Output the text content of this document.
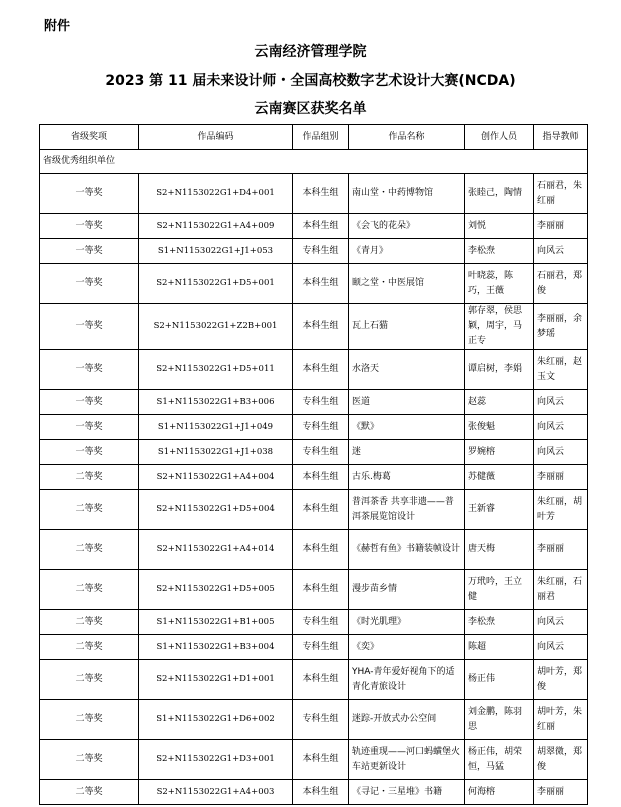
附件
云南经济管理学院
2023 第 11 届未来设计师・全国高校数字艺术设计大赛(NCDA)
云南赛区获奖名单
省级奖项	作品编码	作品组别	作品名称	创作人员	指导教师
省级优秀组织单位					
一等奖	S2+N1153022G1+D4+001	本科生组	南山堂・中药博物馆	张睦己，陶情	石丽君，朱红丽
一等奖	S2+N1153022G1+A4+009	本科生组	《会飞的花朵》	刘悦	李丽丽
一等奖	S1+N1153022G1+J1+053	专科生组	《青月》	李松焘	向风云
一等奖	S2+N1153022G1+D5+001	本科生组	颐之堂・中医展馆	叶晓蕊，陈巧，王薇	石丽君，郑俊
一等奖	S2+N1153022G1+Z2B+001	本科生组	瓦上石猫	郭存翠，侯思颖，周宇，马正专	李丽丽，余梦瑶
一等奖	S2+N1153022G1+D5+011	本科生组	水洛天	谭启树，李娟	朱红丽，赵玉文
一等奖	S1+N1153022G1+B3+006	专科生组	医道	赵蕊	向风云
一等奖	S1+N1153022G1+J1+049	专科生组	《默》	张俊魁	向风云
一等奖	S1+N1153022G1+J1+038	专科生组	迷	罗婉榕	向风云
二等奖	S2+N1153022G1+A4+004	本科生组	古乐.梅葛	苏健薇	李丽丽
二等奖	S2+N1153022G1+D5+004	本科生组	普洱茶香 共享非遗——普洱茶展览馆设计	王新睿	朱红丽，胡叶芳
二等奖	S2+N1153022G1+A4+014	本科生组	《赫哲有鱼》书籍装帧设计	唐天梅	李丽丽
二等奖	S2+N1153022G1+D5+005	本科生组	漫步苗乡情	万玳吟，王立健	朱红丽，石丽君
二等奖	S1+N1153022G1+B1+005	专科生组	《时光肌理》	李松焘	向风云
二等奖	S1+N1153022G1+B3+004	专科生组	《奕》	陈超	向风云
二等奖	S2+N1153022G1+D1+001	本科生组	YHA-青年爱好视角下的适青化青旅设计	杨正伟	胡叶芳，郑俊
二等奖	S1+N1153022G1+D6+002	专科生组	迷踪-开放式办公空间	刘金鹏，陈羽思	胡叶芳，朱红丽
二等奖	S2+N1153022G1+D3+001	本科生组	轨迹重现——河口蚂蟥堡火车站更新设计	杨正伟，胡荣恒，马猛	胡翠微，郑俊
二等奖	S2+N1153022G1+A4+003	本科生组	《寻记・三星堆》书籍	何海榕	李丽丽
